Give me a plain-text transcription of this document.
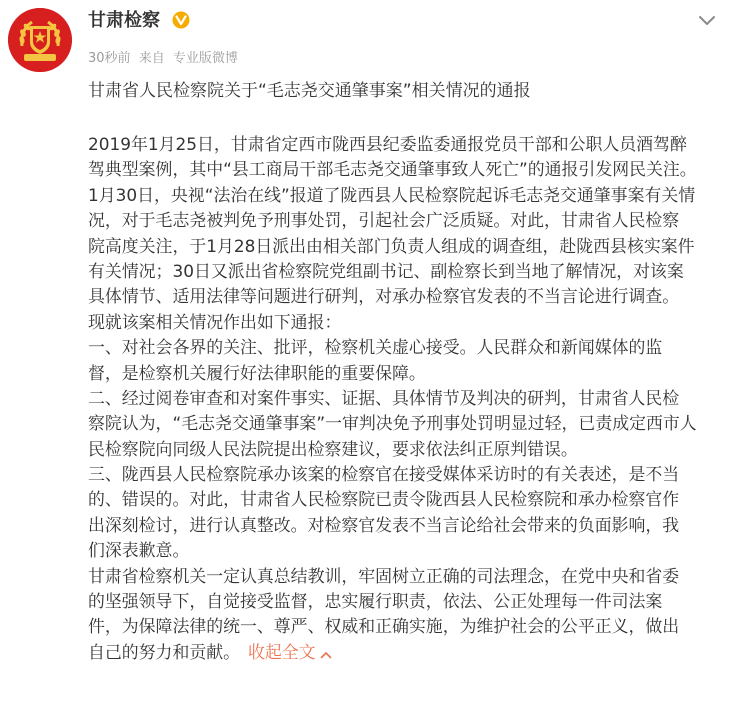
甘肃检察
30秒前 来自 专业版微博
甘肃省人民检察院关于“毛志尧交通肇事案”相关情况的通报
2019年1月25日，甘肃省定西市陇西县纪委监委通报党员干部和公职人员酒驾醉
驾典型案例，其中“县工商局干部毛志尧交通肇事致人死亡”的通报引发网民关注。
1月30日，央视“法治在线”报道了陇西县人民检察院起诉毛志尧交通肇事案有关情
况，对于毛志尧被判免予刑事处罚，引起社会广泛质疑。对此，甘肃省人民检察
院高度关注，于1月28日派出由相关部门负责人组成的调查组，赴陇西县核实案件
有关情况；30日又派出省检察院党组副书记、副检察长到当地了解情况，对该案
具体情节、适用法律等问题进行研判，对承办检察官发表的不当言论进行调查。
现就该案相关情况作出如下通报：
一、对社会各界的关注、批评，检察机关虚心接受。人民群众和新闻媒体的监
督，是检察机关履行好法律职能的重要保障。
二、经过阅卷审查和对案件事实、证据、具体情节及判决的研判，甘肃省人民检
察院认为，“毛志尧交通肇事案”一审判决免予刑事处罚明显过轻，已责成定西市人
民检察院向同级人民法院提出检察建议，要求依法纠正原判错误。
三、陇西县人民检察院承办该案的检察官在接受媒体采访时的有关表述，是不当
的、错误的。对此，甘肃省人民检察院已责令陇西县人民检察院和承办检察官作
出深刻检讨，进行认真整改。对检察官发表不当言论给社会带来的负面影响，我
们深表歉意。
甘肃省检察机关一定认真总结教训，牢固树立正确的司法理念，在党中央和省委
的坚强领导下，自觉接受监督，忠实履行职责，依法、公正处理每一件司法案
件，为保障法律的统一、尊严、权威和正确实施，为维护社会的公平正义，做出
自己的努力和贡献。 收起全文
